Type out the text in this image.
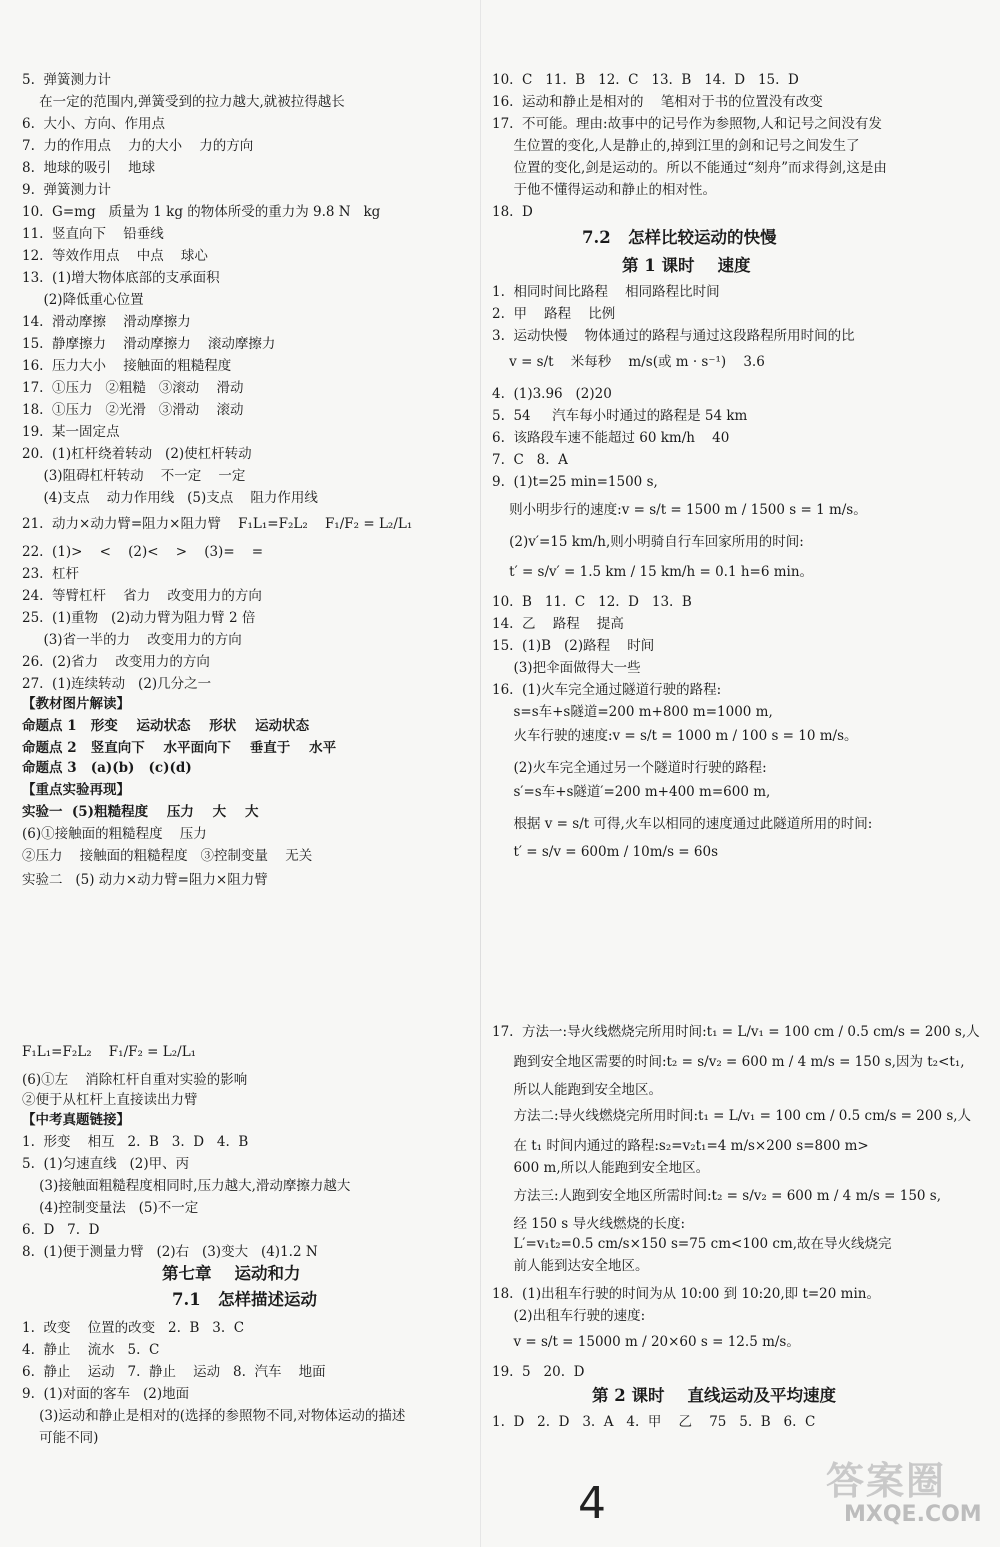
5.  弹簧测力计
在一定的范围内,弹簧受到的拉力越大,就被拉得越长
6.  大小、方向、作用点
7.  力的作用点    力的大小    力的方向
8.  地球的吸引    地球
9.  弹簧测力计
10.  G=mg   质量为 1 kg 的物体所受的重力为 9.8 N   kg
11.  竖直向下    铅垂线
12.  等效作用点    中点    球心
13.  (1)增大物体底部的支承面积
(2)降低重心位置
14.  滑动摩擦    滑动摩擦力
15.  静摩擦力    滑动摩擦力    滚动摩擦力
16.  压力大小    接触面的粗糙程度
17.  ①压力   ②粗糙   ③滚动    滑动
18.  ①压力   ②光滑   ③滑动    滚动
19.  某一固定点
20.  (1)杠杆绕着转动   (2)使杠杆转动
(3)阻碍杠杆转动    不一定    一定
(4)支点    动力作用线   (5)支点    阻力作用线
21.  动力×动力臂=阻力×阻力臂    F₁L₁=F₂L₂    F₁/F₂ = L₂/L₁
22.  (1)>    <    (2)<    >    (3)=    =
23.  杠杆
24.  等臂杠杆    省力    改变用力的方向
25.  (1)重物   (2)动力臂为阻力臂 2 倍
(3)省一半的力    改变用力的方向
26.  (2)省力    改变用力的方向
27.  (1)连续转动   (2)几分之一
【教材图片解读】
命题点 1   形变    运动状态    形状    运动状态
命题点 2   竖直向下    水平面向下    垂直于    水平
命题点 3   (a)(b)   (c)(d)
【重点实验再现】
实验一  (5)粗糙程度    压力    大    大
(6)①接触面的粗糙程度    压力
②压力    接触面的粗糙程度   ③控制变量    无关
实验二   (5) 动力×动力臂=阻力×阻力臂
10.  C   11.  B   12.  C   13.  B   14.  D   15.  D
16.  运动和静止是相对的    笔相对于书的位置没有改变
17.  不可能。理由:故事中的记号作为参照物,人和记号之间没有发
生位置的变化,人是静止的,掉到江里的剑和记号之间发生了
位置的变化,剑是运动的。所以不能通过“刻舟”而求得剑,这是由
于他不懂得运动和静止的相对性。
18.  D
7.2   怎样比较运动的快慢
第 1 课时    速度
1.  相同时间比路程    相同路程比时间
2.  甲    路程    比例
3.  运动快慢    物体通过的路程与通过这段路程所用时间的比
v = s/t    米每秒    m/s(或 m · s⁻¹)    3.6
4.  (1)3.96   (2)20
5.  54     汽车每小时通过的路程是 54 km
6.  该路段车速不能超过 60 km/h    40
7.  C   8.  A
9.  (1)t=25 min=1500 s,
则小明步行的速度:v = s/t = 1500 m / 1500 s = 1 m/s。
(2)v′=15 km/h,则小明骑自行车回家所用的时间:
t′ = s/v′ = 1.5 km / 15 km/h = 0.1 h=6 min。
10.  B   11.  C   12.  D   13.  B
14.  乙    路程    提高
15.  (1)B   (2)路程    时间
(3)把伞面做得大一些
16.  (1)火车完全通过隧道行驶的路程:
s=s车+s隧道=200 m+800 m=1000 m,
火车行驶的速度:v = s/t = 1000 m / 100 s = 10 m/s。
(2)火车完全通过另一个隧道时行驶的路程:
s′=s车+s隧道′=200 m+400 m=600 m,
根据 v = s/t 可得,火车以相同的速度通过此隧道所用的时间:
t′ = s/v = 600m / 10m/s = 60s
F₁L₁=F₂L₂    F₁/F₂ = L₂/L₁
(6)①左    消除杠杆自重对实验的影响
②便于从杠杆上直接读出力臂
【中考真题链接】
1.  形变    相互   2.  B   3.  D   4.  B
5.  (1)匀速直线   (2)甲、丙
(3)接触面粗糙程度相同时,压力越大,滑动摩擦力越大
(4)控制变量法   (5)不一定
6.  D   7.  D
8.  (1)便于测量力臂   (2)右   (3)变大   (4)1.2 N
第七章    运动和力
7.1   怎样描述运动
1.  改变    位置的改变   2.  B   3.  C
4.  静止    流水   5.  C
6.  静止    运动   7.  静止    运动   8.  汽车    地面
9.  (1)对面的客车   (2)地面
(3)运动和静止是相对的(选择的参照物不同,对物体运动的描述
可能不同)
17.  方法一:导火线燃烧完所用时间:t₁ = L/v₁ = 100 cm / 0.5 cm/s = 200 s,人
跑到安全地区需要的时间:t₂ = s/v₂ = 600 m / 4 m/s = 150 s,因为 t₂<t₁,
所以人能跑到安全地区。
方法二:导火线燃烧完所用时间:t₁ = L/v₁ = 100 cm / 0.5 cm/s = 200 s,人
在 t₁ 时间内通过的路程:s₂=v₂t₁=4 m/s×200 s=800 m>
600 m,所以人能跑到安全地区。
方法三:人跑到安全地区所需时间:t₂ = s/v₂ = 600 m / 4 m/s = 150 s,
经 150 s 导火线燃烧的长度:
L′=v₁t₂=0.5 cm/s×150 s=75 cm<100 cm,故在导火线烧完
前人能到达安全地区。
18.  (1)出租车行驶的时间为从 10:00 到 10:20,即 t=20 min。
(2)出租车行驶的速度:
v = s/t = 15000 m / 20×60 s = 12.5 m/s。
19.  5   20.  D
第 2 课时    直线运动及平均速度
1.  D   2.  D   3.  A   4.  甲    乙    75   5.  B   6.  C
4	答案圈
MXQE.COM
